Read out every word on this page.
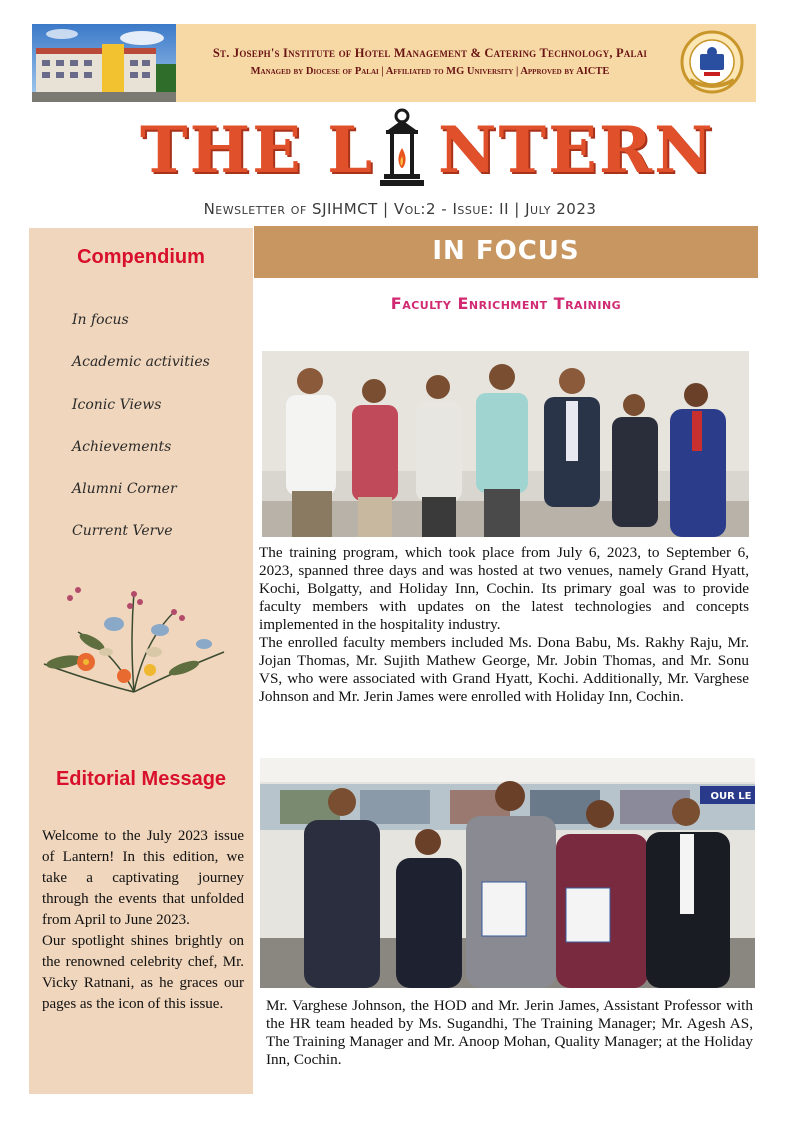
St. Joseph's Institute of Hotel Management & Catering Technology, Palai
Managed by Diocese of Palai | Affiliated to MG University | Approved by AICTE
THE L NTERN
Newsletter of SJIHMCT | Vol:2 - Issue: II | July 2023
Compendium
In focus
Academic activities
Iconic Views
Achievements
Alumni Corner
Current Verve
Editorial Message

Welcome to the July 2023 issue of Lantern! In this edition, we take a captivating journey through the events that unfolded from April to June 2023.

Our spotlight shines brightly on the renowned celebrity chef, Mr. Vicky Ratnani, as he graces our pages as the icon of this issue.

IN FOCUS
Faculty Enrichment Training

The training program, which took place from July 6, 2023, to September 6, 2023, spanned three days and was hosted at two venues, namely Grand Hyatt, Kochi, Bolgatty, and Holiday Inn, Cochin. Its primary goal was to provide faculty members with updates on the latest technologies and concepts implemented in the hospitality industry.

The enrolled faculty members included Ms. Dona Babu, Ms. Rakhy Raju, Mr. Jojan Thomas, Mr. Sujith Mathew George, Mr. Jobin Thomas, and Mr. Sonu VS, who were associated with Grand Hyatt, Kochi. Additionally, Mr. Varghese Johnson and Mr. Jerin James were enrolled with Holiday Inn, Cochin.

OUR LE

Mr. Varghese Johnson, the HOD and Mr. Jerin James, Assistant Professor with the HR team headed by Ms. Sugandhi, The Training Manager; Mr. Agesh AS, The Training Manager and Mr. Anoop Mohan, Quality Manager; at the Holiday Inn, Cochin.
